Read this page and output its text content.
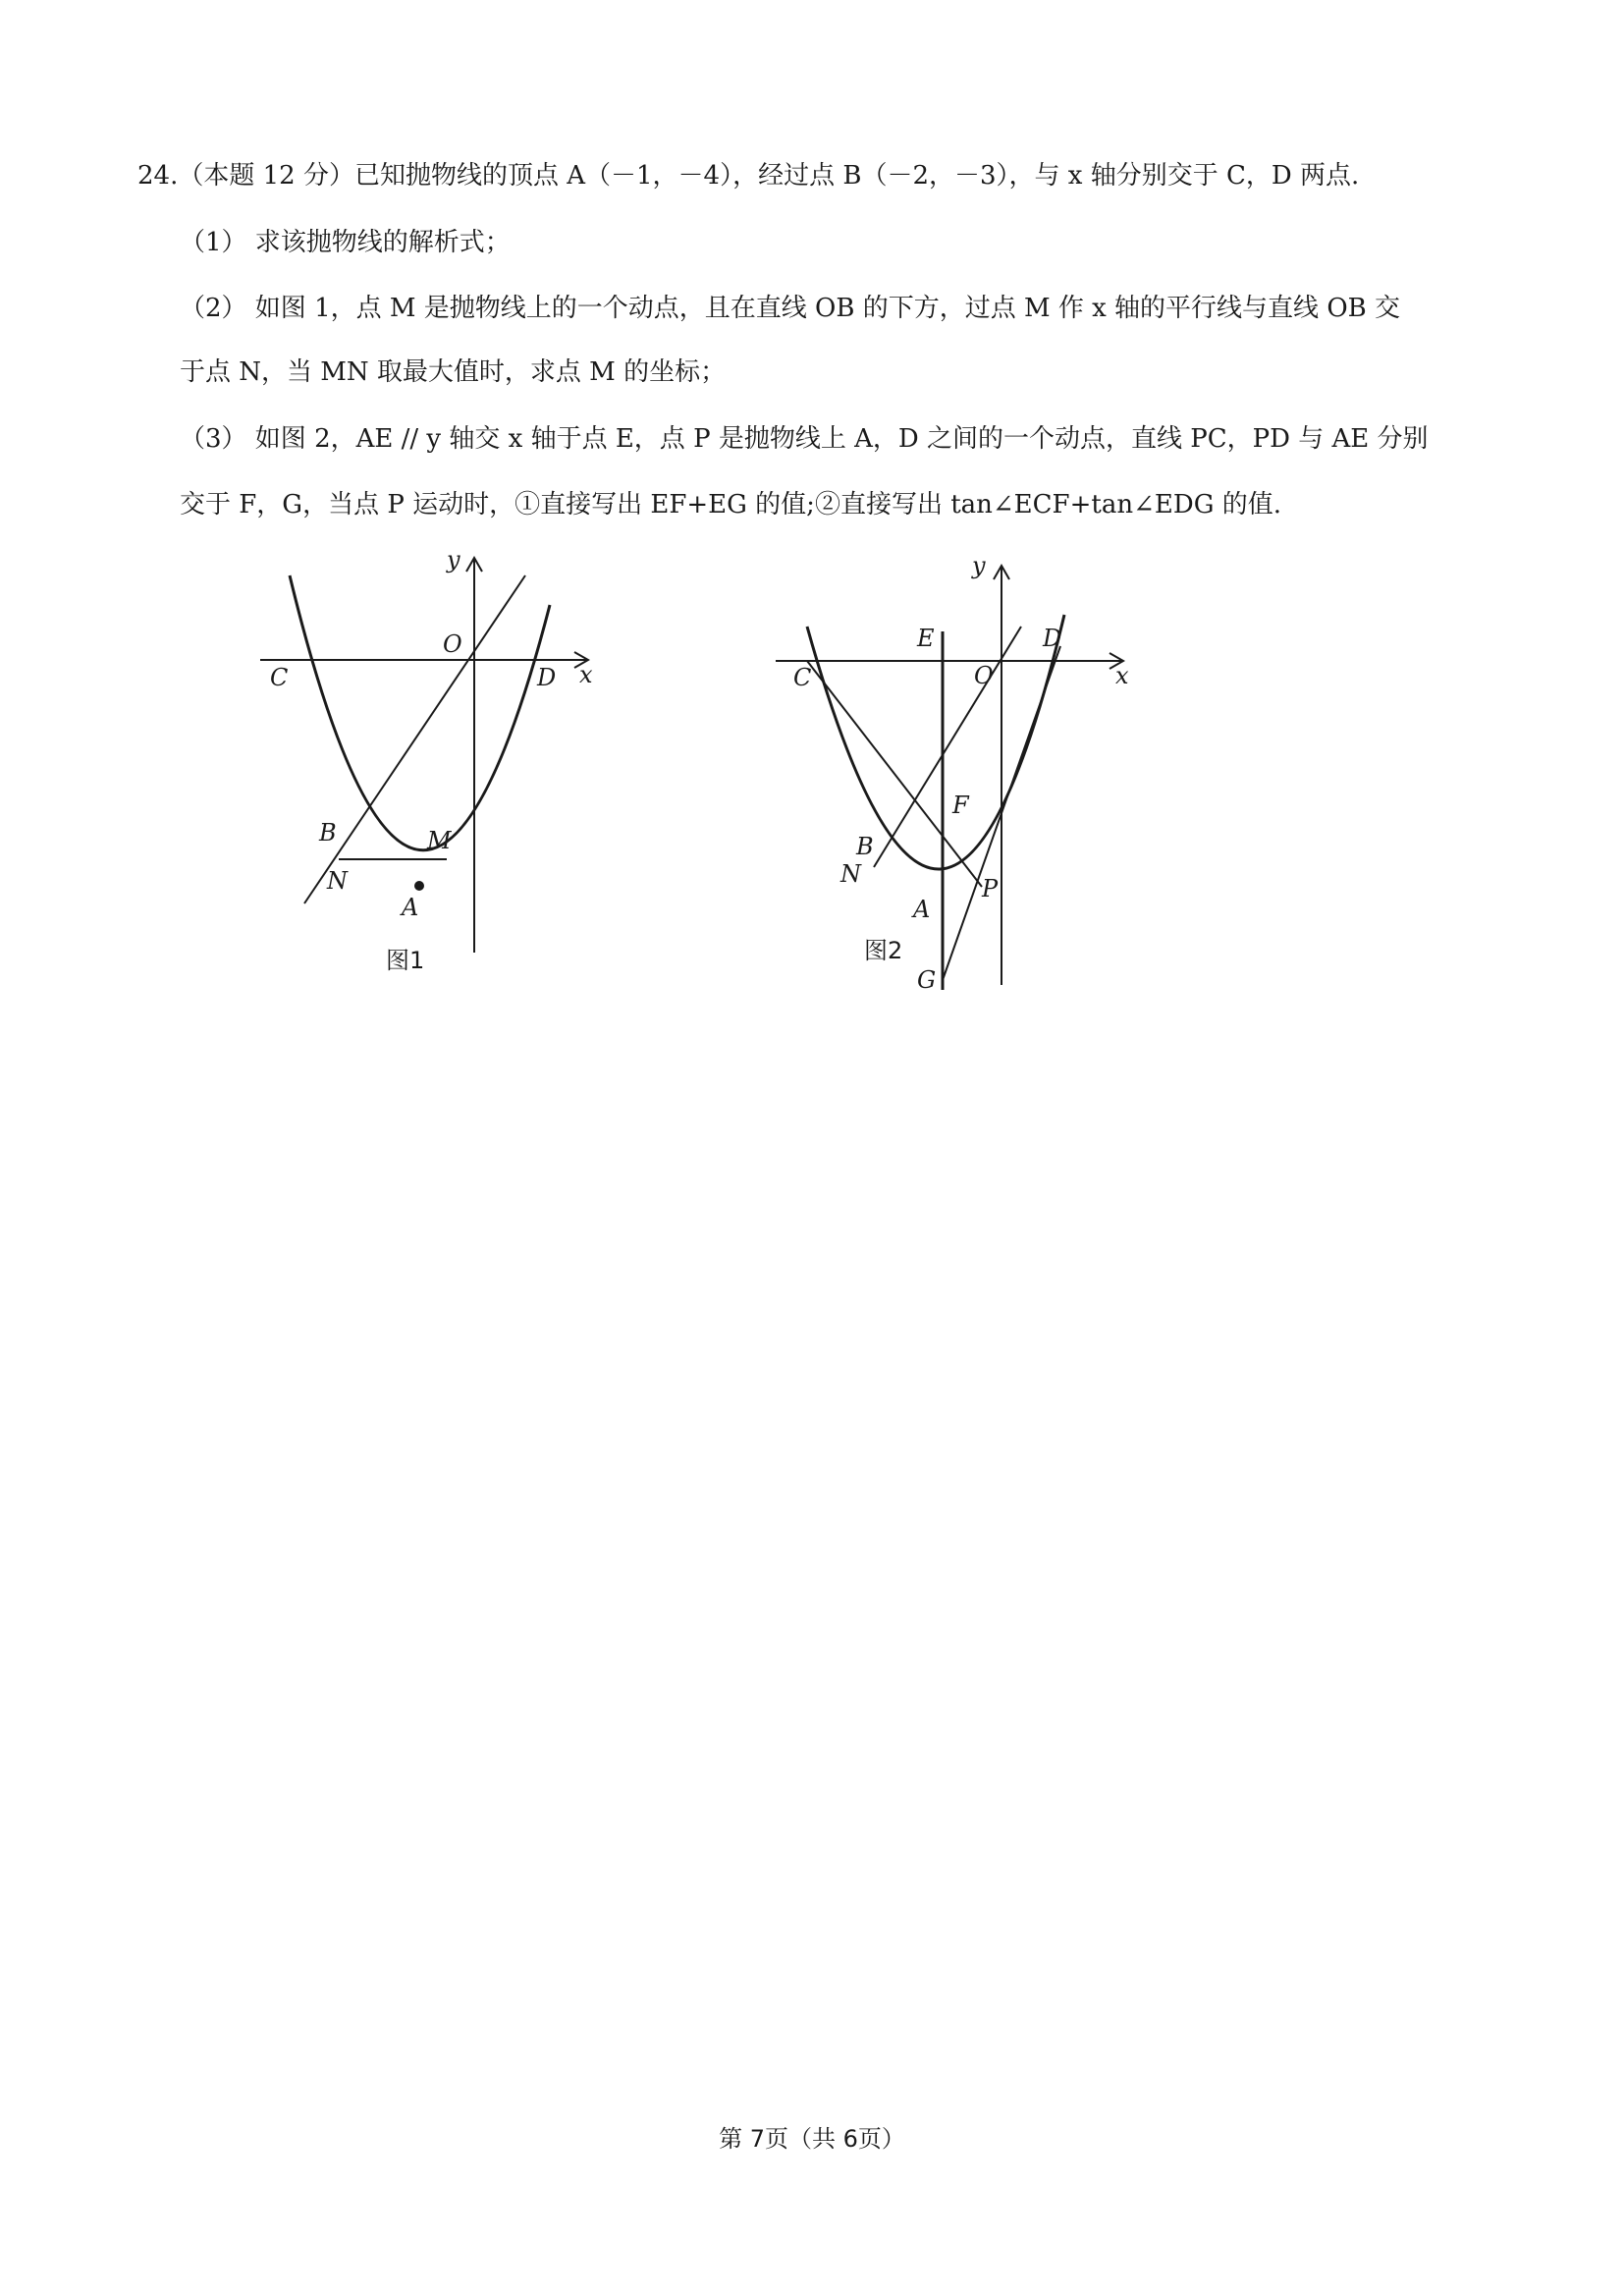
24.（本题 12 分）已知抛物线的顶点 A（－1，－4），经过点 B（－2，－3），与 x 轴分别交于 C，D 两点.
（1） 求该抛物线的解析式；
（2） 如图 1，点 M 是抛物线上的一个动点，且在直线 OB 的下方，过点 M 作 x 轴的平行线与直线 OB 交
于点 N，当 MN 取最大值时，求点 M 的坐标；
（3） 如图 2，AE // y 轴交 x 轴于点 E，点 P 是抛物线上 A，D 之间的一个动点，直线 PC，PD 与 AE 分别
交于 F，G，当点 P 运动时，①直接写出 EF+EG 的值;②直接写出 tan∠ECF+tan∠EDG 的值.
y
x
O
C	D
B	M
N
A
图1
y
x
O
C
D
E
F
B
N
A
P
G
图2
第 7页（共 6页）
